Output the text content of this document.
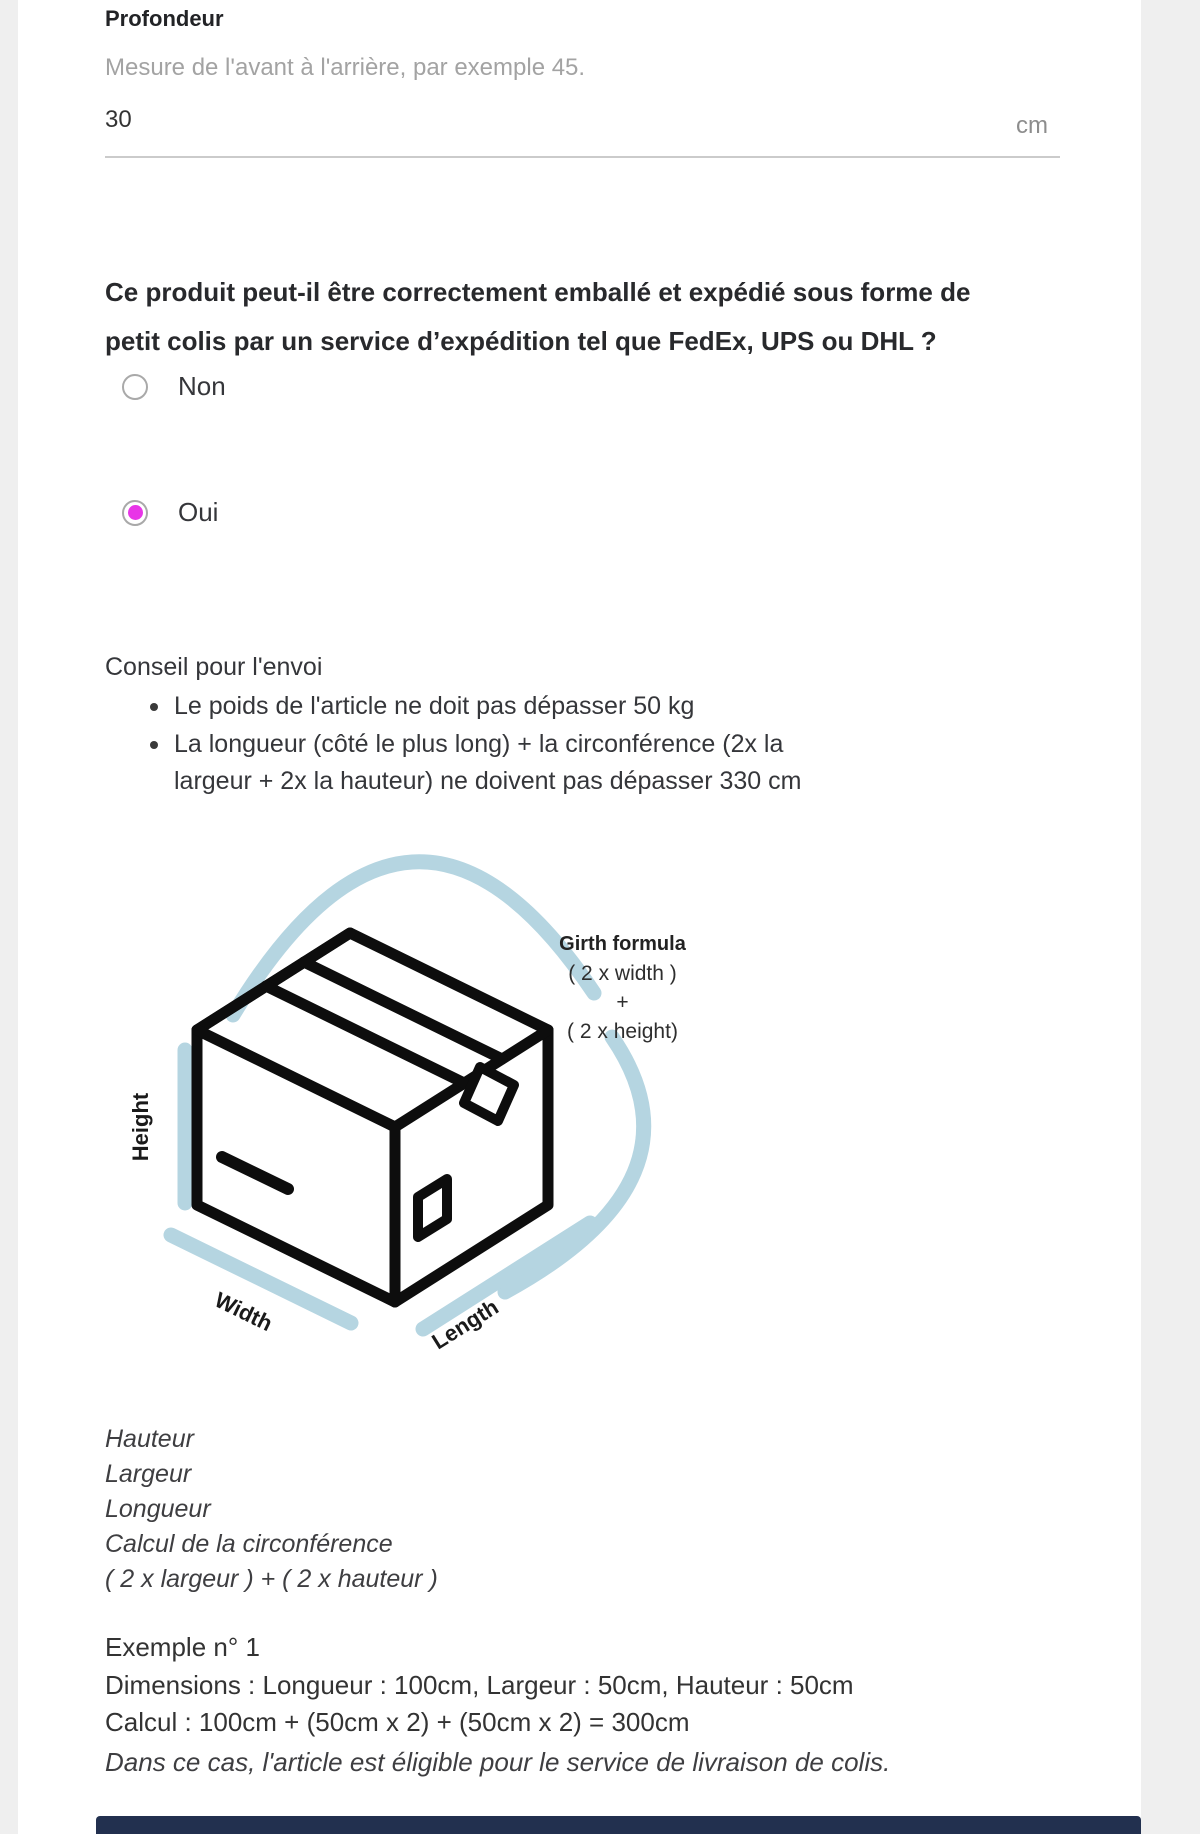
Profondeur
Mesure de l'avant à l'arrière, par exemple 45.
30
cm
Ce produit peut-il être correctement emballé et expédié sous forme de petit colis par un service d’expédition tel que FedEx, UPS ou DHL ?
Non
Oui
Conseil pour l'envoi
Le poids de l'article ne doit pas dépasser 50 kg
La longueur (côté le plus long) + la circonférence (2x la largeur + 2x la hauteur) ne doivent pas dépasser 330 cm
Height
Width	Length
Girth formula
( 2 x width )
+
( 2 x height)
Hauteur
Largeur
Longueur
Calcul de la circonférence
( 2 x largeur ) + ( 2 x hauteur )
Exemple n° 1
Dimensions : Longueur : 100cm, Largeur : 50cm, Hauteur : 50cm
Calcul : 100cm + (50cm x 2) + (50cm x 2) = 300cm
Dans ce cas, l'article est éligible pour le service de livraison de colis.
